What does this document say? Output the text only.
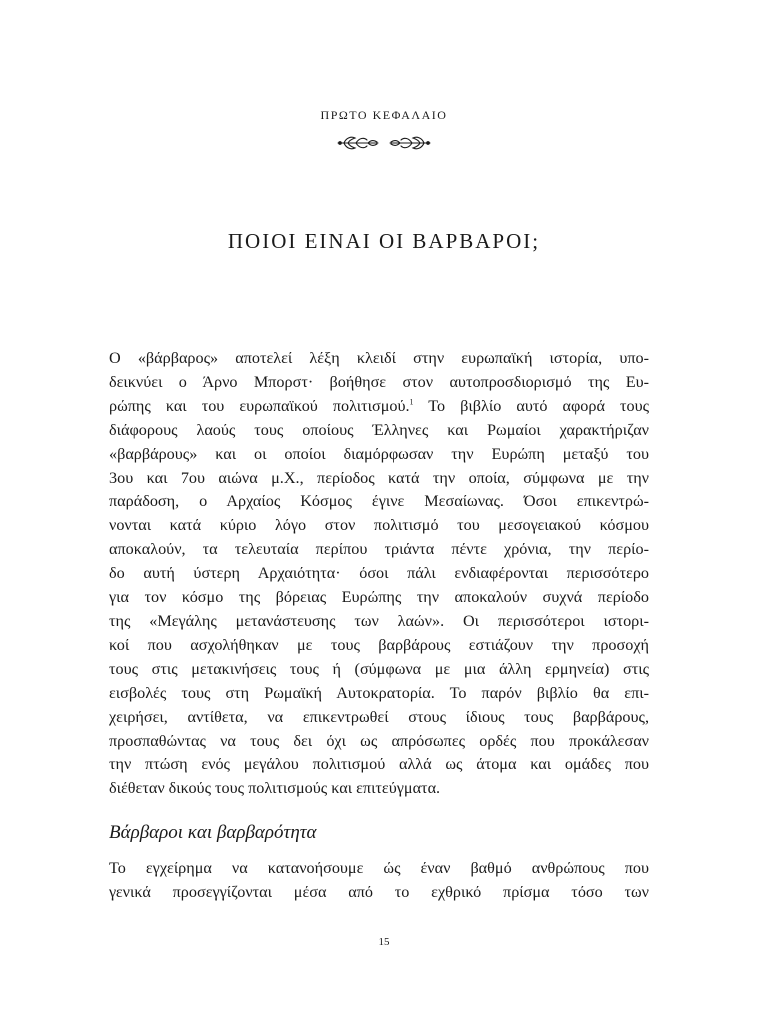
ΠΡΩΤΟ ΚΕΦΑΛΑΙΟ
ΠΟΙΟΙ ΕΙΝΑΙ ΟΙ ΒΑΡΒΑΡΟΙ;
Ο «βάρβαρος» αποτελεί λέξη κλειδί στην ευρωπαϊκή ιστορία, υπο-
δεικνύει ο Άρνο Μπορστ· βοήθησε στον αυτοπροσδιορισμό της Ευ-
ρώπης και του ευρωπαϊκού πολιτισμού.$^1$ Το βιβλίο αυτό αφορά τους
διάφορους λαούς τους οποίους Έλληνες και Ρωμαίοι χαρακτήριζαν
«βαρβάρους» και οι οποίοι διαμόρφωσαν την Ευρώπη μεταξύ του
3ου και 7ου αιώνα μ.Χ., περίοδος κατά την οποία, σύμφωνα με την
παράδοση, ο Αρχαίος Κόσμος έγινε Μεσαίωνας. Όσοι επικεντρώ-
νονται κατά κύριο λόγο στον πολιτισμό του μεσογειακού κόσμου
αποκαλούν, τα τελευταία περίπου τριάντα πέντε χρόνια, την περίο-
δο αυτή ύστερη Αρχαιότητα· όσοι πάλι ενδιαφέρονται περισσότερο
για τον κόσμο της βόρειας Ευρώπης την αποκαλούν συχνά περίοδο
της «Μεγάλης μετανάστευσης των λαών». Οι περισσότεροι ιστορι-
κοί που ασχολήθηκαν με τους βαρβάρους εστιάζουν την προσοχή
τους στις μετακινήσεις τους ή (σύμφωνα με μια άλλη ερμηνεία) στις
εισβολές τους στη Ρωμαϊκή Αυτοκρατορία. Το παρόν βιβλίο θα επι-
χειρήσει, αντίθετα, να επικεντρωθεί στους ίδιους τους βαρβάρους,
προσπαθώντας να τους δει όχι ως απρόσωπες ορδές που προκάλεσαν
την πτώση ενός μεγάλου πολιτισμού αλλά ως άτομα και ομάδες που
διέθεταν δικούς τους πολιτισμούς και επιτεύγματα.
Βάρβαροι και βαρβαρότητα
Το εγχείρημα να κατανοήσουμε ώς έναν βαθμό ανθρώπους που
γενικά προσεγγίζονται μέσα από το εχθρικό πρίσμα τόσο των
15
